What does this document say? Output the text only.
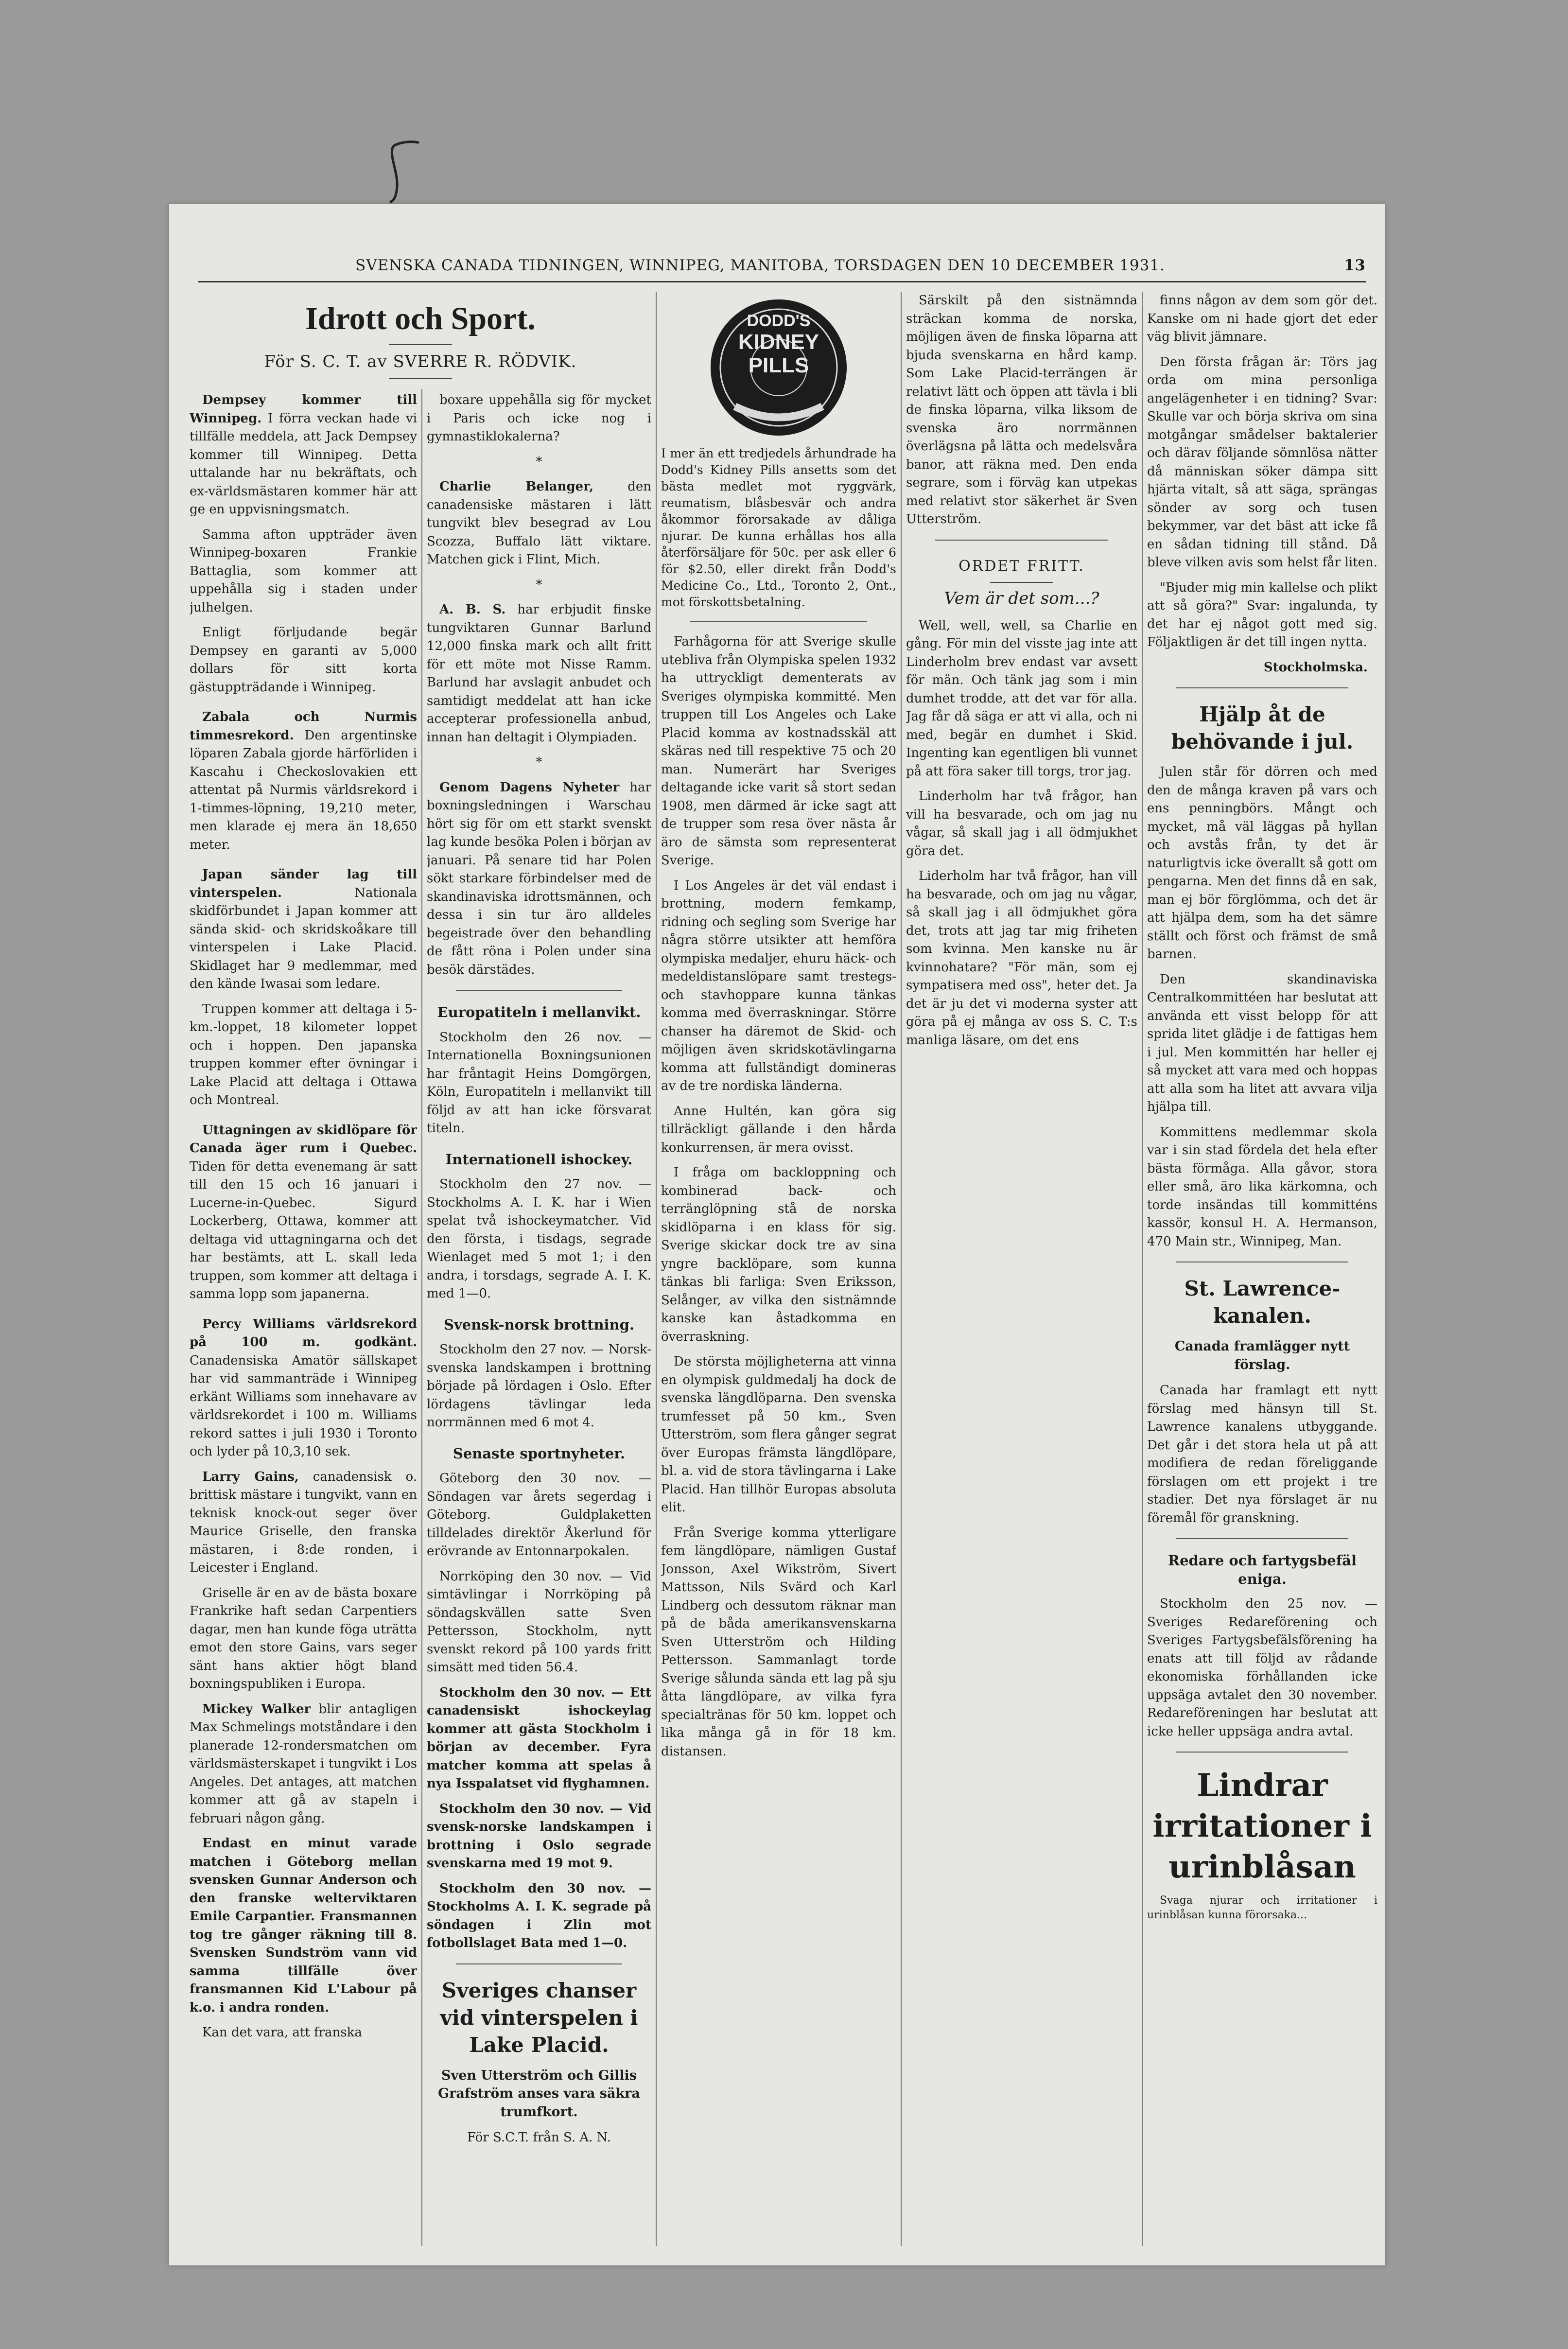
SVENSKA CANADA TIDNINGEN, WINNIPEG, MANITOBA, TORSDAGEN DEN 10 DECEMBER 1931.	13
Idrott och Sport.
För S. C. T. av SVERRE R. RÖDVIK.

Dempsey kommer till Winnipeg. I förra veckan hade vi tillfälle meddela, att Jack Dempsey kommer till Winnipeg. Detta uttalande har nu bekräftats, och ex-världsmästaren kommer här att ge en uppvisningsmatch.

Samma afton uppträder även Winnipeg-boxaren Frankie Battaglia, som kommer att uppehålla sig i staden under julhelgen.

Enligt förljudande begär Dempsey en garanti av 5,000 dollars för sitt korta gästuppträdande i Winnipeg.

Zabala och Nurmis timmesrekord. Den argentinske löparen Zabala gjorde härförliden i Kascahu i Checkoslovakien ett attentat på Nurmis världsrekord i 1-timmes-löpning, 19,210 meter, men klarade ej mera än 18,650 meter.

Japan sänder lag till vinterspelen.	Nationala skidförbundet i Japan kommer att sända skid- och skridskoåkare till vinterspelen i Lake Placid. Skidlaget har 9 medlemmar, med den kände Iwasai som ledare.

Truppen kommer att deltaga i 5-km.-loppet, 18 kilometer loppet och i hoppen. Den japanska truppen kommer efter övningar i Lake Placid att deltaga i Ottawa och Montreal.

Uttagningen av skidlöpare för Canada äger rum i Quebec. Tiden för detta evenemang är satt till den 15 och 16 januari i Lucerne-in-Quebec. Sigurd Lockerberg, Ottawa, kommer att deltaga vid uttagningarna och det har bestämts, att L. skall leda truppen, som kommer att deltaga i samma lopp som japanerna.

Percy Williams världsrekord på 100 m. godkänt. Canadensiska Amatör sällskapet har vid sammanträde i Winnipeg erkänt Williams som innehavare av världsrekordet i 100 m. Williams rekord sattes i juli 1930 i Toronto och lyder på 10,3,10 sek.

Larry Gains, canadensisk o. brittisk mästare i tungvikt, vann en teknisk knock-out seger över Maurice Griselle, den franska mästaren, i 8:de ronden, i Leicester i England.

Griselle är en av de bästa boxare Frankrike haft sedan Carpentiers dagar, men han kunde föga uträtta emot den store Gains, vars seger sänt hans aktier högt bland boxningspubliken i Europa.

Mickey Walker blir antagligen Max Schmelings motståndare i den planerade 12-rondersmatchen om världsmästerskapet i tungvikt i Los Angeles. Det antages, att matchen kommer att gå av stapeln i februari någon gång.

Endast en minut varade matchen i Göteborg mellan svensken Gunnar Anderson och den franske welterviktaren Emile Carpantier. Fransmannen tog tre gånger räkning till 8. Svensken Sundström vann vid samma tillfälle över fransmannen Kid L'Labour på k.o. i andra ronden.

Kan det vara, att franska

boxare uppehålla sig för mycket i Paris och icke nog i gymnastiklokalerna?

*

Charlie Belanger,	den canadensiske mästaren i lätt tungvikt blev besegrad av Lou Scozza, Buffalo lätt viktare. Matchen gick i Flint, Mich.

*

A. B. S. har erbjudit finske tungviktaren Gunnar Barlund 12,000 finska mark och allt fritt för ett möte mot Nisse Ramm. Barlund har avslagit anbudet och samtidigt meddelat att han icke accepterar professionella anbud, innan han deltagit i Olympiaden.

*

Genom Dagens Nyheter har boxningsledningen i Warschau hört sig för om ett starkt svenskt lag kunde besöka Polen i början av januari. På senare tid har Polen sökt starkare förbindelser med de skandinaviska idrottsmännen, och dessa i sin tur äro alldeles begeistrade över den behandling de fått röna i Polen under sina besök därstädes.

Europatiteln i mellanvikt.

Stockholm den 26 nov. — Internationella Boxningsunionen har fråntagit Heins Domgörgen, Köln, Europatiteln i mellanvikt till följd av att han icke försvarat titeln.

Internationell ishockey.

Stockholm den 27 nov. — Stockholms A. I. K. har i Wien spelat två ishockeymatcher. Vid den första, i tisdags, segrade Wienlaget med 5 mot 1; i den andra, i torsdags, segrade A. I. K. med 1—0.

Svensk-norsk brottning.

Stockholm den 27 nov. — Norsk-svenska landskampen i brottning började på lördagen i Oslo. Efter lördagens tävlingar leda norrmännen med 6 mot 4.

Senaste sportnyheter.

Göteborg den 30 nov. — Söndagen var årets segerdag i Göteborg. Guldplaketten tilldelades direktör Åkerlund för erövrande av Entonnarpokalen.

Norrköping den 30 nov. — Vid simtävlingar i Norrköping på söndagskvällen satte Sven Pettersson, Stockholm, nytt svenskt rekord på 100 yards fritt simsätt med tiden 56.4.

Stockholm den 30 nov. — Ett canadensiskt ishockeylag kommer att gästa Stockholm i början av december. Fyra matcher komma att spelas å nya Isspalatset vid flyghamnen.

Stockholm den 30 nov. — Vid svensk-norske landskampen i brottning i Oslo segrade svenskarna med 19 mot 9.

Stockholm den 30 nov. — Stockholms A. I. K. segrade på söndagen i Zlin mot fotbollslaget Bata med 1—0.

Sveriges chanser vid vinterspelen i Lake Placid.

Sven Utterström och Gillis Grafström anses vara säkra trumfkort.

För S.C.T. från S. A. N.

DODD'S
KIDNEY
PILLS
I mer än ett tredjedels århundrade ha Dodd's Kidney Pills ansetts som det bästa medlet mot ryggvärk, reumatism, blåsbesvär och andra åkommor förorsakade av dåliga njurar. De kunna erhållas hos alla återförsäljare för 50c. per ask eller 6 för $2.50, eller direkt från Dodd's Medicine Co., Ltd., Toronto 2, Ont., mot förskottsbetalning.

Farhågorna för att Sverige skulle utebliva från Olympiska spelen 1932 ha uttryckligt dementerats av Sveriges olympiska kommitté. Men truppen till Los Angeles och Lake Placid komma av kostnadsskäl att skäras ned till respektive 75 och 20 man. Numerärt har Sveriges deltagande icke varit så stort sedan 1908, men därmed är icke sagt att de trupper som resa över nästa år äro de sämsta som representerat Sverige.

I Los Angeles är det väl endast i brottning, modern femkamp, ridning och segling som Sverige har några större utsikter att hemföra olympiska medaljer, ehuru häck- och medeldistanslöpare samt trestegs- och stavhoppare kunna tänkas komma med överraskningar. Större chanser ha däremot de Skid- och möjligen även skridskotävlingarna komma att fullständigt domineras av de tre nordiska länderna.

Anne Hultén, kan göra sig tillräckligt gällande i den hårda konkurrensen, är mera ovisst.

I fråga om backloppning och kombinerad back- och terränglöpning stå de norska skidlöparna i en klass för sig. Sverige skickar dock tre av sina yngre backlöpare, som kunna tänkas bli farliga: Sven Eriksson, Selånger, av vilka den sistnämnde kanske kan åstadkomma en överraskning.

De största möjligheterna att vinna en olympisk guldmedalj ha dock de svenska längdlöparna. Den svenska trumfesset på 50 km., Sven Utterström, som flera gånger segrat över Europas främsta längdlöpare, bl. a. vid de stora tävlingarna i Lake Placid. Han tillhör Europas absoluta elit.

Från Sverige komma ytterligare fem längdlöpare, nämligen Gustaf Jonsson, Axel Wikström, Sivert Mattsson, Nils Svärd och Karl Lindberg och dessutom räknar man på de båda amerikansvenskarna Sven Utterström och Hilding Pettersson. Sammanlagt torde Sverige sålunda sända ett lag på sju åtta längdlöpare, av vilka fyra specialtränas för 50 km. loppet och lika många gå in för 18 km. distansen.

Särskilt på den sistnämnda sträckan komma de norska, möjligen även de finska löparna att bjuda svenskarna en hård kamp. Som Lake Placid-terrängen är relativt lätt och öppen att tävla i bli de finska löparna, vilka liksom de svenska äro norrmännen överlägsna på lätta och medelsvåra banor, att räkna med. Den enda segrare, som i förväg kan utpekas med relativt stor säkerhet är Sven Utterström.

ORDET FRITT.

Vem är det som...?

Well, well, well, sa Charlie en gång. För min del visste jag inte att Linderholm brev endast var avsett för män. Och tänk jag som i min dumhet trodde, att det var för alla. Jag får då säga er att vi alla, och ni med, begär en dumhet i Skid. Ingenting kan egentligen bli vunnet på att föra saker till torgs, tror jag.

Linderholm har två frågor, han vill ha besvarade, och om jag nu vågar, så skall jag i all ödmjukhet göra det.

Liderholm har två frågor, han vill ha besvarade, och om jag nu vågar, så skall jag i all ödmjukhet göra det, trots att jag tar mig friheten som kvinna. Men kanske nu är kvinnohatare? "För män, som ej sympatisera med oss", heter det. Ja det är ju det vi moderna syster att göra på ej många av oss S. C. T:s manliga läsare, om det ens

finns någon av dem som gör det. Kanske om ni hade gjort det eder väg blivit jämnare.

Den första frågan är: Törs jag orda om mina personliga angelägenheter i en tidning? Svar: Skulle var och börja skriva om sina motgångar smådelser baktalerier och därav följande sömnlösa nätter då människan söker dämpa sitt hjärta vitalt, så att säga, sprängas sönder av sorg och tusen bekymmer, var det bäst att icke få en sådan tidning till stånd. Då bleve vilken avis som helst får liten.

"Bjuder mig min kallelse och plikt att så göra?" Svar: ingalunda, ty det har ej något gott med sig. Följaktligen är det till ingen nytta.

Stockholmska.

Hjälp åt de behövande i jul.

Julen står för dörren och med den de många kraven på vars och ens penningbörs. Mångt och mycket, må väl läggas på hyllan och avstås från, ty det är naturligtvis icke överallt så gott om pengarna. Men det finns då en sak, man ej bör förglömma, och det är att hjälpa dem, som ha det sämre ställt och först och främst de små barnen.

Den skandinaviska Centralkommittéen har beslutat att använda ett visst belopp för att sprida litet glädje i de fattigas hem i jul. Men kommittén har heller ej så mycket att vara med och hoppas att alla som ha litet att avvara vilja hjälpa till.

Kommittens medlemmar skola var i sin stad fördela det hela efter bästa förmåga. Alla gåvor, stora eller små, äro lika kärkomna, och torde insändas till kommitténs kassör, konsul H. A. Hermanson, 470 Main str., Winnipeg, Man.

St. Lawrence-kanalen.

Canada framlägger nytt förslag.

Canada har framlagt ett nytt förslag med hänsyn till St. Lawrence kanalens utbyggande. Det går i det stora hela ut på att modifiera de redan föreliggande förslagen om ett projekt i tre stadier. Det nya förslaget är nu föremål för granskning.

Redare och fartygsbefäl eniga.

Stockholm den 25 nov. — Sveriges Redareförening och Sveriges Fartygsbefälsförening ha enats att till följd av rådande ekonomiska förhållanden icke uppsäga avtalet den 30 november. Redareföreningen har beslutat att icke heller uppsäga andra avtal.

Lindrar irritationer i urinblåsan

Svaga njurar och irritationer i urinblåsan kunna förorsaka...
